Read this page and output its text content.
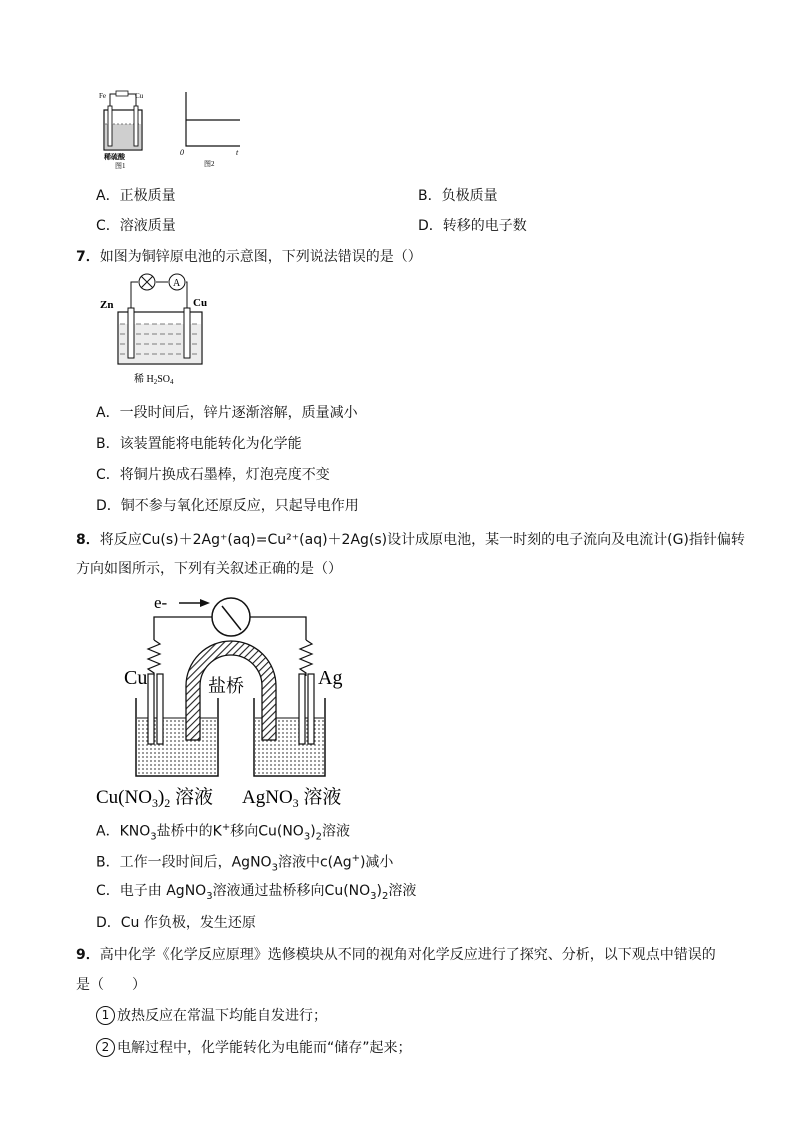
Fe	Cu
稀硫酸
图1
0	t
图2
A．正极质量	B．负极质量
C．溶液质量	D．转移的电子数
7．如图为铜锌原电池的示意图，下列说法错误的是（）
Zn	Cu
A
稀 $H_2SO_4$
A．一段时间后，锌片逐渐溶解，质量减小
B．该装置能将电能转化为化学能
C．将铜片换成石墨棒，灯泡亮度不变
D．铜不参与氧化还原反应，只起导电作用
8．将反应Cu(s)＋2Ag⁺(aq)=Cu²⁺(aq)＋2Ag(s)设计成原电池，某一时刻的电子流向及电流计(G)指针偏转
方向如图所示，下列有关叙述正确的是（）
e-
Cu	Ag
盐桥
$Cu(NO_3)_2$ 溶液 AgNO$_3$ 溶液
A．$KNO_3$盐桥中的K+移向$Cu(NO_3)_2$溶液
B．工作一段时间后，AgNO$_3$溶液中c(Ag+)减小
C．电子由 AgNO$_3$溶液通过盐桥移向$Cu(NO_3)_2$溶液
D．Cu 作负极，发生还原
9．高中化学《化学反应原理》选修模块从不同的视角对化学反应进行了探究、分析，以下观点中错误的
是（　　）
1 放热反应在常温下均能自发进行；
2 电解过程中，化学能转化为电能而“储存”起来；
